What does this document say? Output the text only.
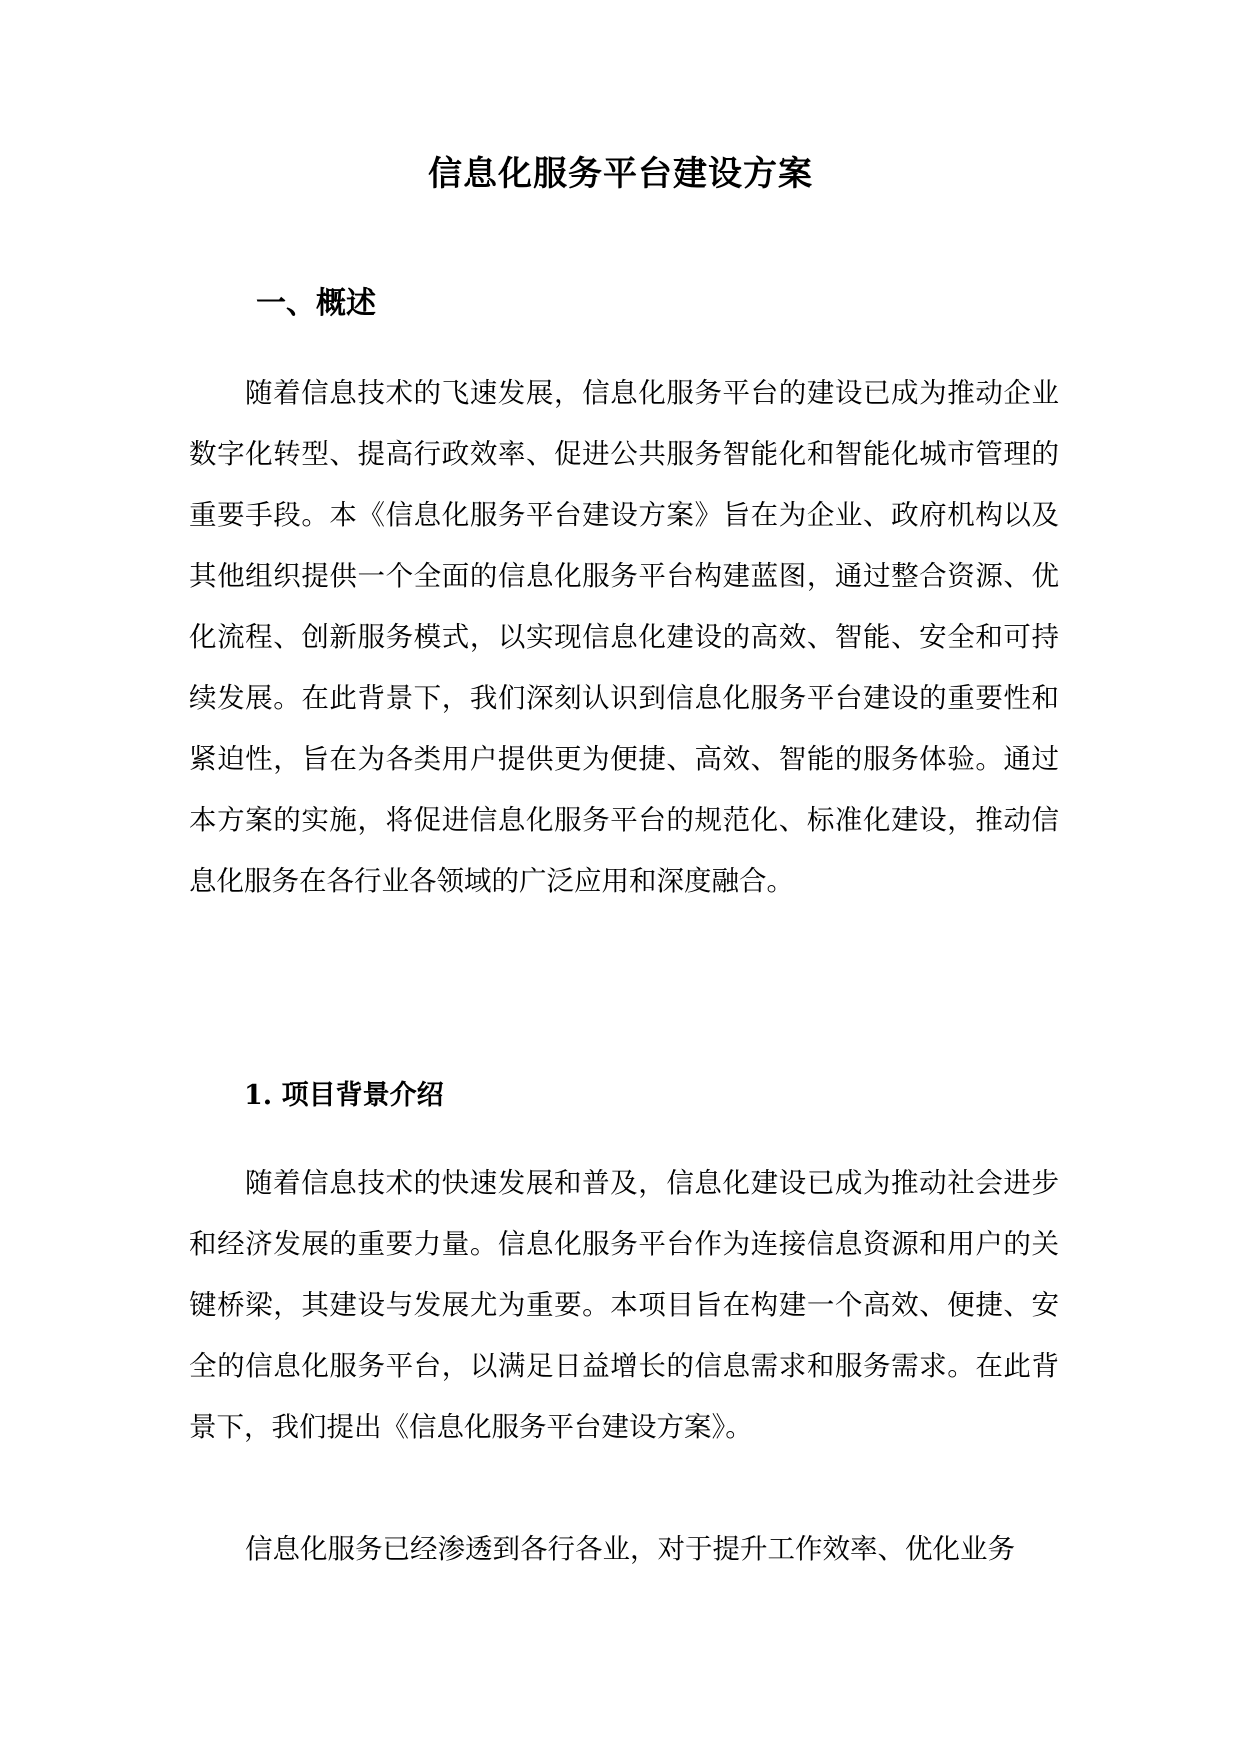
信息化服务平台建设方案
一、概述

随着信息技术的飞速发展，信息化服务平台的建设已成为推动企业数字化转型、提高行政效率、促进公共服务智能化和智能化城市管理的重要手段。本《信息化服务平台建设方案》旨在为企业、政府机构以及其他组织提供一个全面的信息化服务平台构建蓝图，通过整合资源、优化流程、创新服务模式，以实现信息化建设的高效、智能、安全和可持续发展。在此背景下，我们深刻认识到信息化服务平台建设的重要性和紧迫性，旨在为各类用户提供更为便捷、高效、智能的服务体验。通过本方案的实施，将促进信息化服务平台的规范化、标准化建设，推动信息化服务在各行业各领域的广泛应用和深度融合。

1. 项目背景介绍

随着信息技术的快速发展和普及，信息化建设已成为推动社会进步和经济发展的重要力量。信息化服务平台作为连接信息资源和用户的关键桥梁，其建设与发展尤为重要。本项目旨在构建一个高效、便捷、安全的信息化服务平台，以满足日益增长的信息需求和服务需求。在此背景下，我们提出《信息化服务平台建设方案》。

信息化服务已经渗透到各行各业，对于提升工作效率、优化业务
